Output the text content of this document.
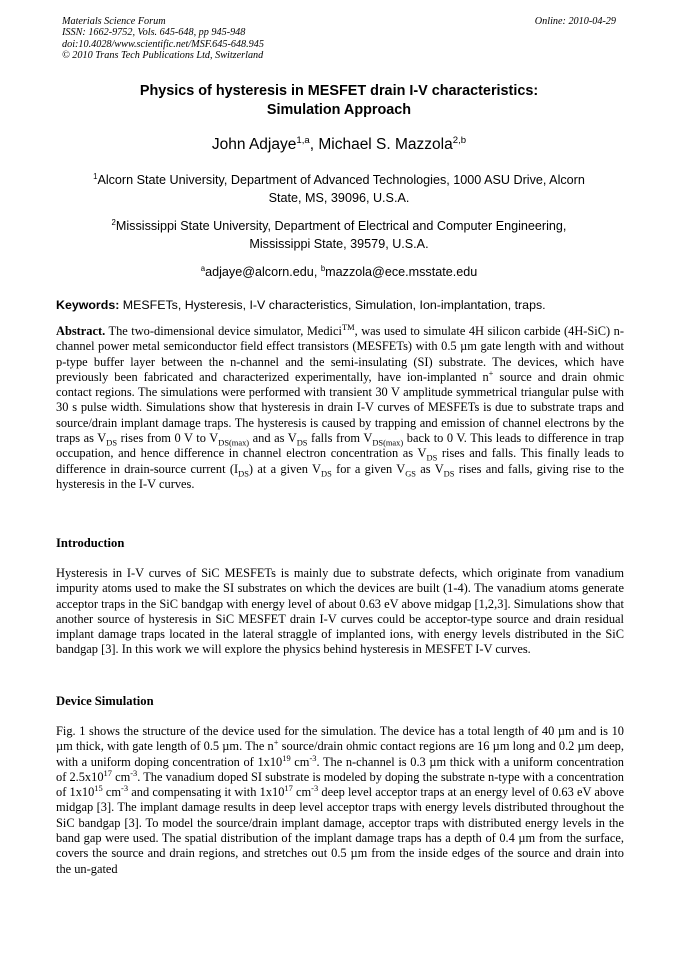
Materials Science Forum
ISSN: 1662-9752, Vols. 645-648, pp 945-948
doi:10.4028/www.scientific.net/MSF.645-648.945
© 2010 Trans Tech Publications Ltd, Switzerland
Online: 2010-04-29
Physics of hysteresis in MESFET drain I-V characteristics:
Simulation Approach
John Adjaye$^{1,a}$, Michael S. Mazzola$^{2,b}$
$^1$Alcorn State University, Department of Advanced Technologies, 1000 ASU Drive, Alcorn
State, MS, 39096, U.S.A.
$^2$Mississippi State University, Department of Electrical and Computer Engineering,
Mississippi State, 39579, U.S.A.
$^a$adjaye@alcorn.edu, $^b$mazzola@ece.msstate.edu
Keywords: MESFETs, Hysteresis, I-V characteristics, Simulation, Ion-implantation, traps.
Abstract. The two-dimensional device simulator, Medici™, was used to simulate 4H silicon carbide (4H-SiC) n-channel power metal semiconductor field effect transistors (MESFETs) with 0.5 µm gate length with and without p-type buffer layer between the n-channel and the semi-insulating (SI) substrate. The devices, which have previously been fabricated and characterized experimentally, have ion-implanted n+ source and drain ohmic contact regions. The simulations were performed with transient 30 V amplitude symmetrical triangular pulse with 30 s pulse width. Simulations show that hysteresis in drain I-V curves of MESFETs is due to substrate traps and source/drain implant damage traps. The hysteresis is caused by trapping and emission of channel electrons by the traps as $V_{DS}$ rises from 0 V to $V_{DS(max)}$ and as $V_{DS}$ falls from $V_{DS(max)}$ back to 0 V. This leads to difference in trap occupation, and hence difference in channel electron concentration as $V_{DS}$ rises and falls. This finally leads to difference in drain-source current $(I_{DS})$ at a given $V_{DS}$ for a given $V_{GS}$ as $V_{DS}$ rises and falls, giving rise to the hysteresis in the I-V curves.
Introduction
Hysteresis in I-V curves of SiC MESFETs is mainly due to substrate defects, which originate from vanadium impurity atoms used to make the SI substrates on which the devices are built (1-4). The vanadium atoms generate acceptor traps in the SiC bandgap with energy level of about 0.63 eV above midgap [1,2,3]. Simulations show that another source of hysteresis in SiC MESFET drain I-V curves could be acceptor-type source and drain residual implant damage traps located in the lateral straggle of implanted ions, with energy levels distributed in the SiC bandgap [3]. In this work we will explore the physics behind hysteresis in MESFET I-V curves.
Device Simulation
Fig. 1 shows the structure of the device used for the simulation. The device has a total length of 40 µm and is 10 µm thick, with gate length of 0.5 µm. The n+ source/drain ohmic contact regions are 16 µm long and 0.2 µm deep, with a uniform doping concentration of $1x10^{19}$ $cm^{-3}$. The n-channel is 0.3 µm thick with a uniform concentration of $2.5x10^{17}$ $cm^{-3}$. The vanadium doped SI substrate is modeled by doping the substrate n-type with a concentration of $1x10^{15}$ $cm^{-3}$ and compensating it with $1x10^{17}$ $cm^{-3}$ deep level acceptor traps at an energy level of 0.63 eV above midgap [3]. The implant damage results in deep level acceptor traps with energy levels distributed throughout the SiC bandgap [3]. To model the source/drain implant damage, acceptor traps with distributed energy levels in the band gap were used. The spatial distribution of the implant damage traps has a depth of 0.4 µm from the surface, covers the source and drain regions, and stretches out 0.5 µm from the inside edges of the source and drain into the un-gated
